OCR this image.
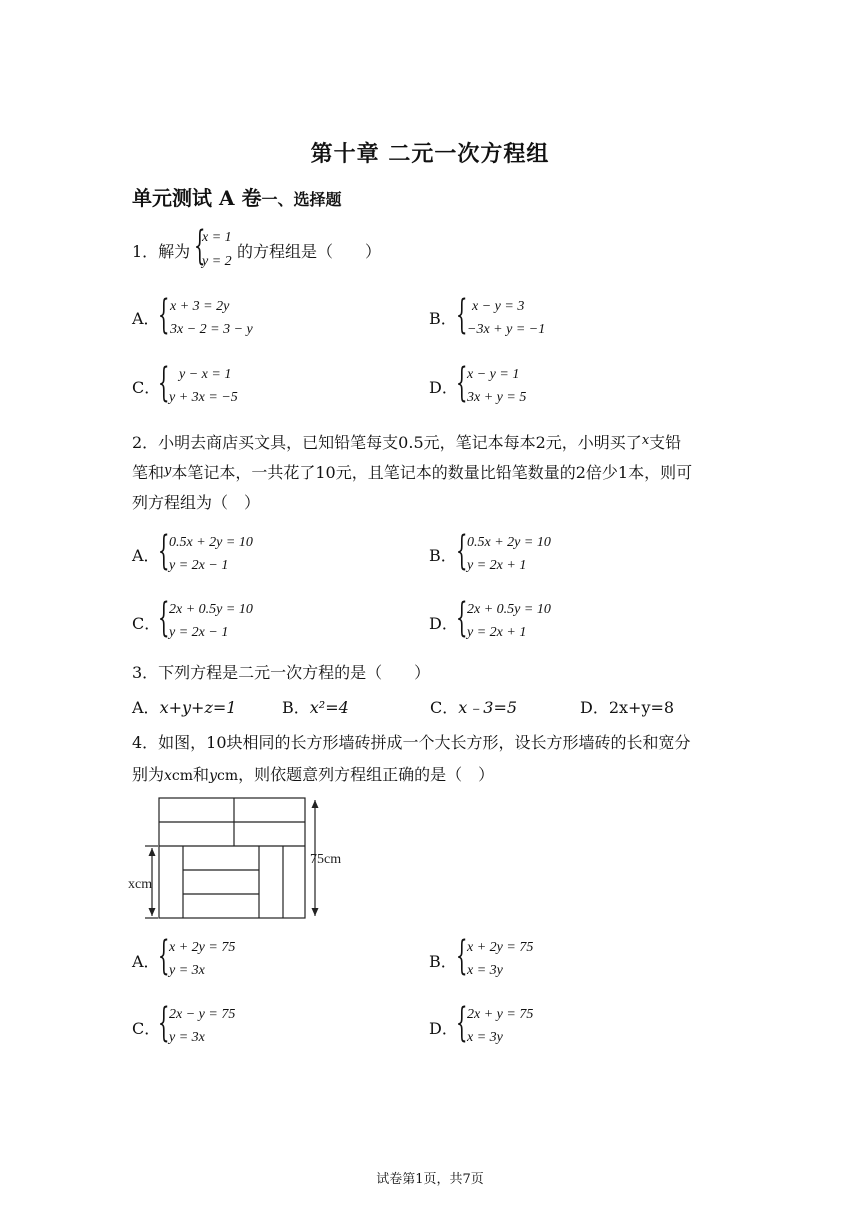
第十章 二元一次方程组
单元测试 A 卷一、选择题
1．解为 {
x = 1
y = 2
的方程组是（　　）
A．
{ x + 3 = 2y
3x − 2 = 3 − y
B． { x − y = 3
−3x + y = −1
C．
{ y − x = 1
y + 3x = −5
D．
{ x − y = 1
3x + y = 5
2．小明去商店买文具，已知铅笔每支0.5元，笔记本每本2元，小明买了$^x$支铅
笔和$^y$本笔记本，一共花了10元，且笔记本的数量比铅笔数量的2倍少1本，则可
列方程组为（　）
A．
{ 0.5x + 2y = 10
y = 2x − 1
B． { 0.5x + 2y = 10
y = 2x + 1
C．
{ 2x + 0.5y = 10
y = 2x − 1	D．
{ 2x + 0.5y = 10
y = 2x + 1
3．下列方程是二元一次方程的是（　　）
A．x+y+z=1	B．x²=4	C．x﹣3=5	D．2x+y=8
4．如图，10块相同的长方形墙砖拼成一个大长方形，设长方形墙砖的长和宽分
别为xcm和ycm，则依题意列方程组正确的是（　）
xcm
75cm
A．
{ x + 2y = 75
y = 3x	B． { x + 2y = 75
x = 3y
C．
{ 2x − y = 75
y = 3x	D．
{ 2x + y = 75
x = 3y
试卷第1页，共7页
